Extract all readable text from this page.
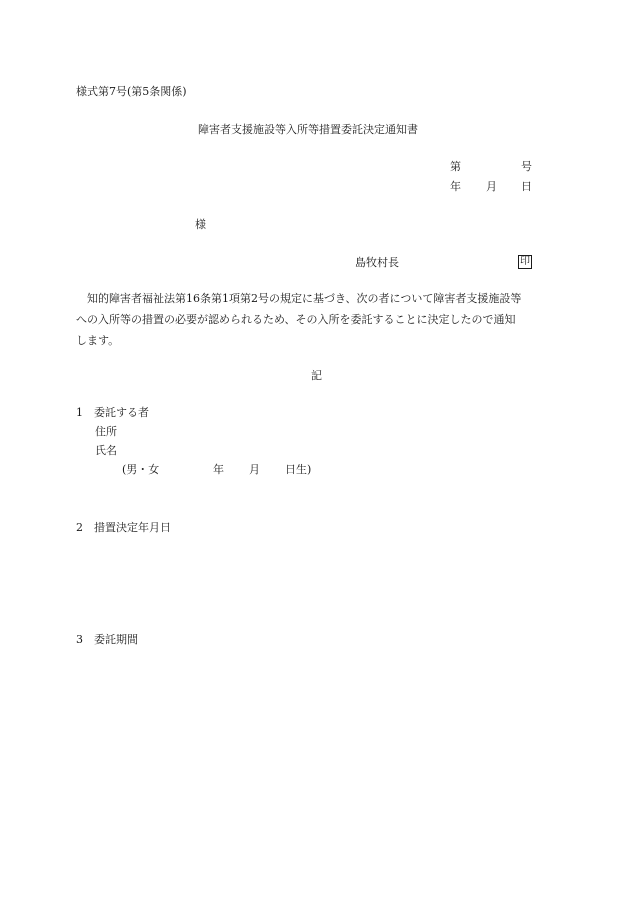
様式第7号(第5条関係)
障害者支援施設等入所等措置委託決定通知書
第	号
年 月 日
様
島牧村長	印
　知的障害者福祉法第16条第1項第2号の規定に基づき、次の者について障害者支援施設等
への入所等の措置の必要が認められるため、その入所を委託することに決定したので通知
します。
記
1　委託する者
住所
氏名
(男・女	年 月 日生)
2　措置決定年月日
3　委託期間
